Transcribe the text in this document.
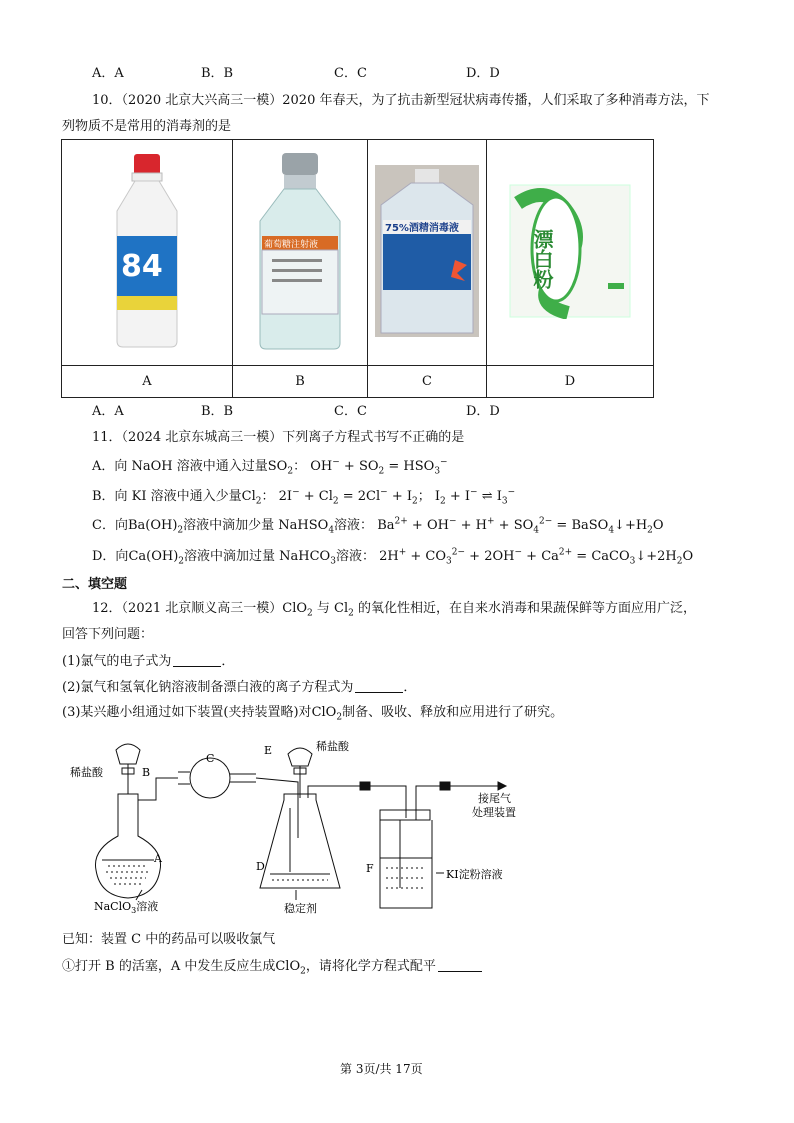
A．A	B．B	C．C	D．D
10．（2020 北京大兴高三一模）2020 年春天，为了抗击新型冠状病毒传播，人们采取了多种消毒方法，下
列物质不是常用的消毒剂的是
84	葡萄糖注射液	75%酒精消毒液	漂白粉

A	B	C	D
A．A	B．B	C．C	D．D
11．（2024 北京东城高三一模）下列离子方程式书写不正确的是
A．向 NaOH 溶液中通入过量$SO_2$： $OH^- + SO_2 = HSO_3^-$
B．向 KI 溶液中通入少量$Cl_2$： $2I^- + Cl_2 = 2Cl^- + I_2$； $I_2 + I^-$ ⇌ $I_3^-$
C．向$Ba(OH)_2$溶液中滴加少量 NaHSO$_4$溶液： $Ba^{2+} + OH^- + H^+ + SO_4^{2-}$ = $BaSO_4↓+H_2O$
D．向$Ca(OH)_2$溶液中滴加过量 NaHCO$_3$溶液： $2H^+ + CO_3^{2-} + 2OH^- + Ca^{2+}$ = $CaCO_3↓+2H_2O$
二、填空题
12．（2021 北京顺义高三一模）ClO$_2$ 与 $Cl_2$ 的氧化性相近，在自来水消毒和果蔬保鲜等方面应用广泛，
回答下列问题：
(1)氯气的电子式为	．
(2)氯气和氢氧化钠溶液制备漂白液的离子方程式为	．
(3)某兴趣小组通过如下装置(夹持装置略)对ClO$_2$制备、吸收、释放和应用进行了研究。
稀盐酸	B
C
E	稀盐酸
A
D	F
NaClO$_3$溶液	稳定剂
KI淀粉溶液
接尾气
处理装置
已知：装置 C 中的药品可以吸收氯气
①打开 B 的活塞，A 中发生反应生成ClO$_2$，请将化学方程式配平
第 3页/共 17页
